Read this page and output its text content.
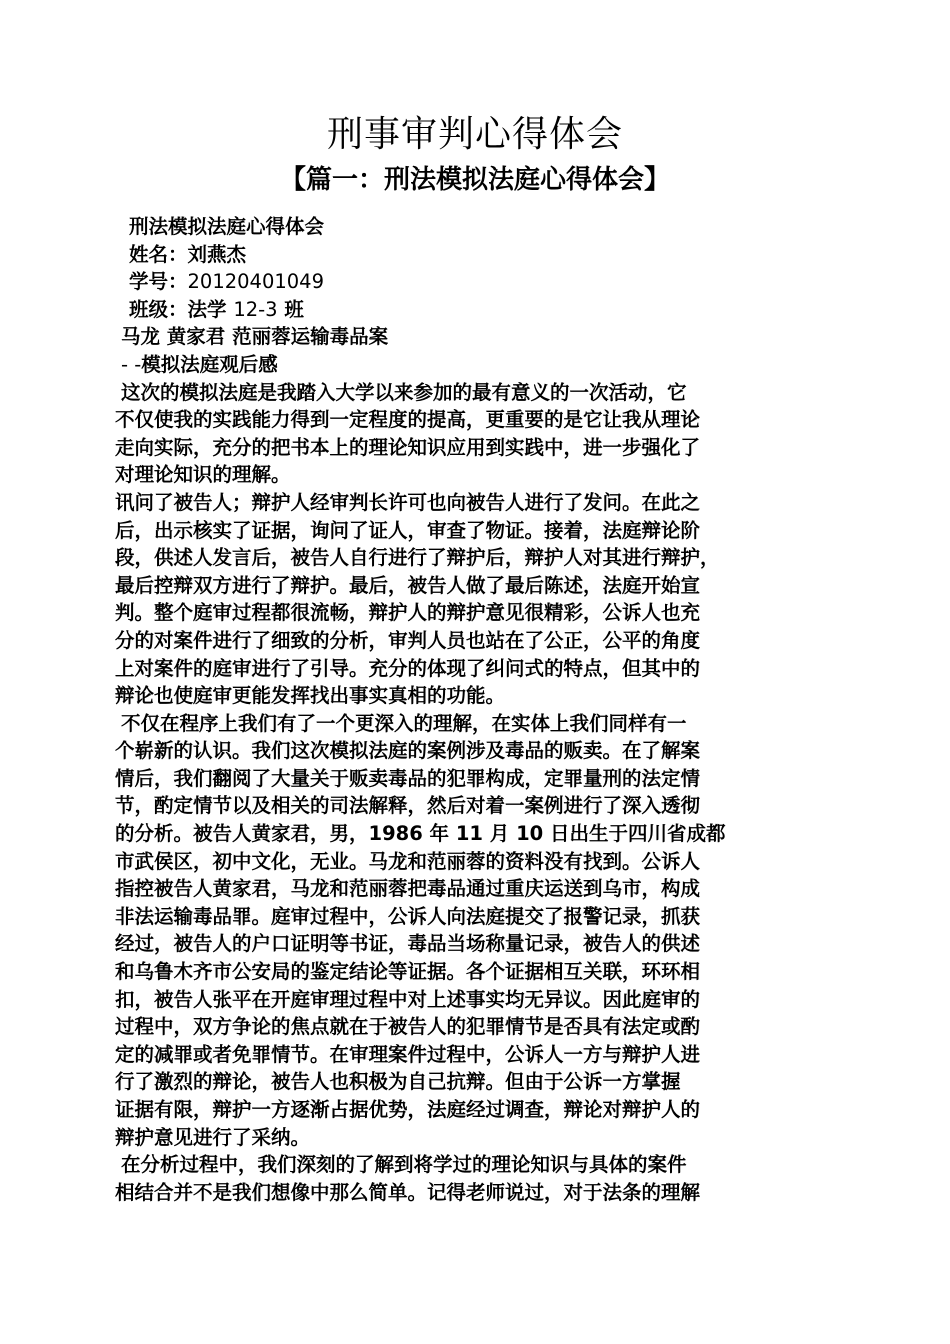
刑事审判心得体会
【篇一：刑法模拟法庭心得体会】
刑法模拟法庭心得体会
姓名：刘燕杰
学号：20120401049
班级：法学 12-3 班
马龙 黄家君 范丽蓉运输毒品案
- -模拟法庭观后感
这次的模拟法庭是我踏入大学以来参加的最有意义的一次活动，它
不仅使我的实践能力得到一定程度的提高，更重要的是它让我从理论
走向实际，充分的把书本上的理论知识应用到实践中，进一步强化了
对理论知识的理解。
讯问了被告人；辩护人经审判长许可也向被告人进行了发问。在此之
后，出示核实了证据，询问了证人，审查了物证。接着，法庭辩论阶
段，供述人发言后，被告人自行进行了辩护后，辩护人对其进行辩护，
最后控辩双方进行了辩护。最后，被告人做了最后陈述，法庭开始宣
判。整个庭审过程都很流畅，辩护人的辩护意见很精彩，公诉人也充
分的对案件进行了细致的分析，审判人员也站在了公正，公平的角度
上对案件的庭审进行了引导。充分的体现了纠问式的特点，但其中的
辩论也使庭审更能发挥找出事实真相的功能。
不仅在程序上我们有了一个更深入的理解，在实体上我们同样有一
个崭新的认识。我们这次模拟法庭的案例涉及毒品的贩卖。在了解案
情后，我们翻阅了大量关于贩卖毒品的犯罪构成，定罪量刑的法定情
节，酌定情节以及相关的司法解释，然后对着一案例进行了深入透彻
的分析。被告人黄家君，男，1986 年 11 月 10 日出生于四川省成都
市武侯区，初中文化，无业。马龙和范丽蓉的资料没有找到。公诉人
指控被告人黄家君，马龙和范丽蓉把毒品通过重庆运送到乌市，构成
非法运输毒品罪。庭审过程中，公诉人向法庭提交了报警记录，抓获
经过，被告人的户口证明等书证，毒品当场称量记录，被告人的供述
和乌鲁木齐市公安局的鉴定结论等证据。各个证据相互关联，环环相
扣，被告人张平在开庭审理过程中对上述事实均无异议。因此庭审的
过程中，双方争论的焦点就在于被告人的犯罪情节是否具有法定或酌
定的减罪或者免罪情节。在审理案件过程中，公诉人一方与辩护人进
行了激烈的辩论，被告人也积极为自己抗辩。但由于公诉一方掌握
证据有限，辩护一方逐渐占据优势，法庭经过调查，辩论对辩护人的
辩护意见进行了采纳。
在分析过程中，我们深刻的了解到将学过的理论知识与具体的案件
相结合并不是我们想像中那么简单。记得老师说过，对于法条的理解
